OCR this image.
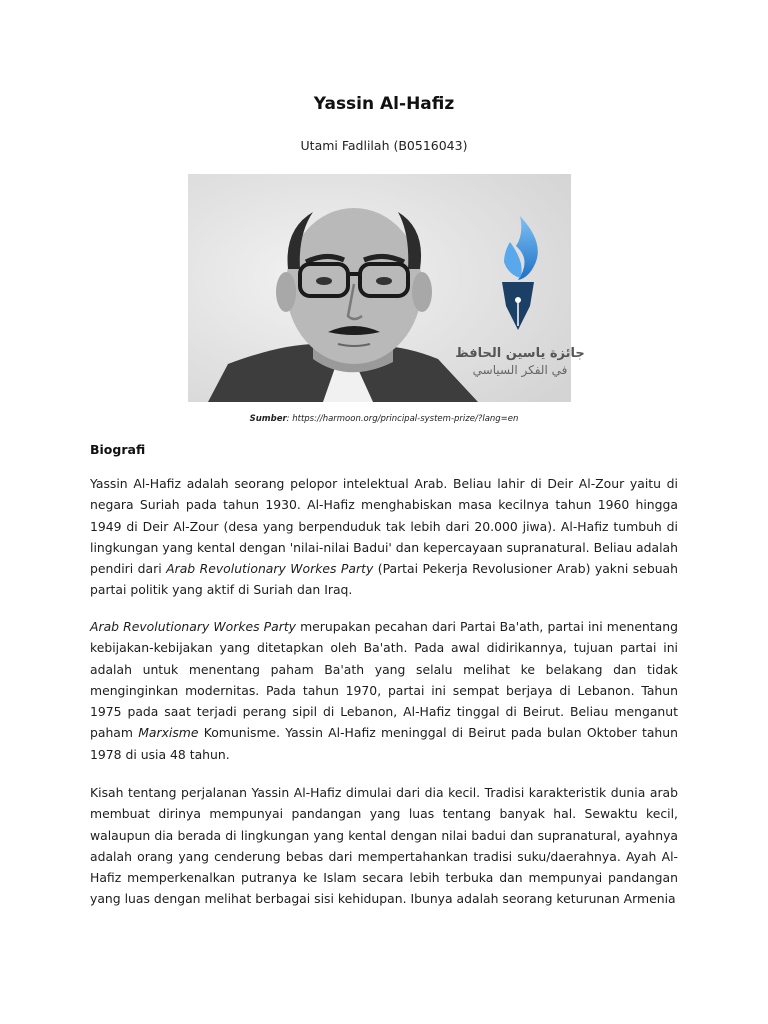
Yassin Al-Hafiz
Utami Fadlilah (B0516043)
جائزة ياسين الحافظ
في الفكر السياسي
Sumber: https://harmoon.org/principal-system-prize/?lang=en
Biografi
Yassin Al-Hafiz adalah seorang pelopor intelektual Arab. Beliau lahir di Deir Al-Zour yaitu di negara Suriah pada tahun 1930. Al-Hafiz menghabiskan masa kecilnya tahun 1960 hingga 1949 di Deir Al-Zour (desa yang berpenduduk tak lebih dari 20.000 jiwa). Al-Hafiz tumbuh di lingkungan yang kental dengan 'nilai-nilai Badui' dan kepercayaan supranatural. Beliau adalah pendiri dari Arab Revolutionary Workes Party (Partai Pekerja Revolusioner Arab) yakni sebuah partai politik yang aktif di Suriah dan Iraq.
Arab Revolutionary Workes Party merupakan pecahan dari Partai Ba'ath, partai ini menentang kebijakan-kebijakan yang ditetapkan oleh Ba'ath. Pada awal didirikannya, tujuan partai ini adalah untuk menentang paham Ba'ath yang selalu melihat ke belakang dan tidak menginginkan modernitas. Pada tahun 1970, partai ini sempat berjaya di Lebanon. Tahun 1975 pada saat terjadi perang sipil di Lebanon, Al-Hafiz tinggal di Beirut. Beliau menganut paham Marxisme Komunisme. Yassin Al-Hafiz meninggal di Beirut pada bulan Oktober tahun 1978 di usia 48 tahun.
Kisah tentang perjalanan Yassin Al-Hafiz dimulai dari dia kecil. Tradisi karakteristik dunia arab membuat dirinya mempunyai pandangan yang luas tentang banyak hal. Sewaktu kecil, walaupun dia berada di lingkungan yang kental dengan nilai badui dan supranatural, ayahnya adalah orang yang cenderung bebas dari mempertahankan tradisi suku/daerahnya. Ayah Al-Hafiz memperkenalkan putranya ke Islam secara lebih terbuka dan mempunyai pandangan yang luas dengan melihat berbagai sisi kehidupan. Ibunya adalah seorang keturunan Armenia
